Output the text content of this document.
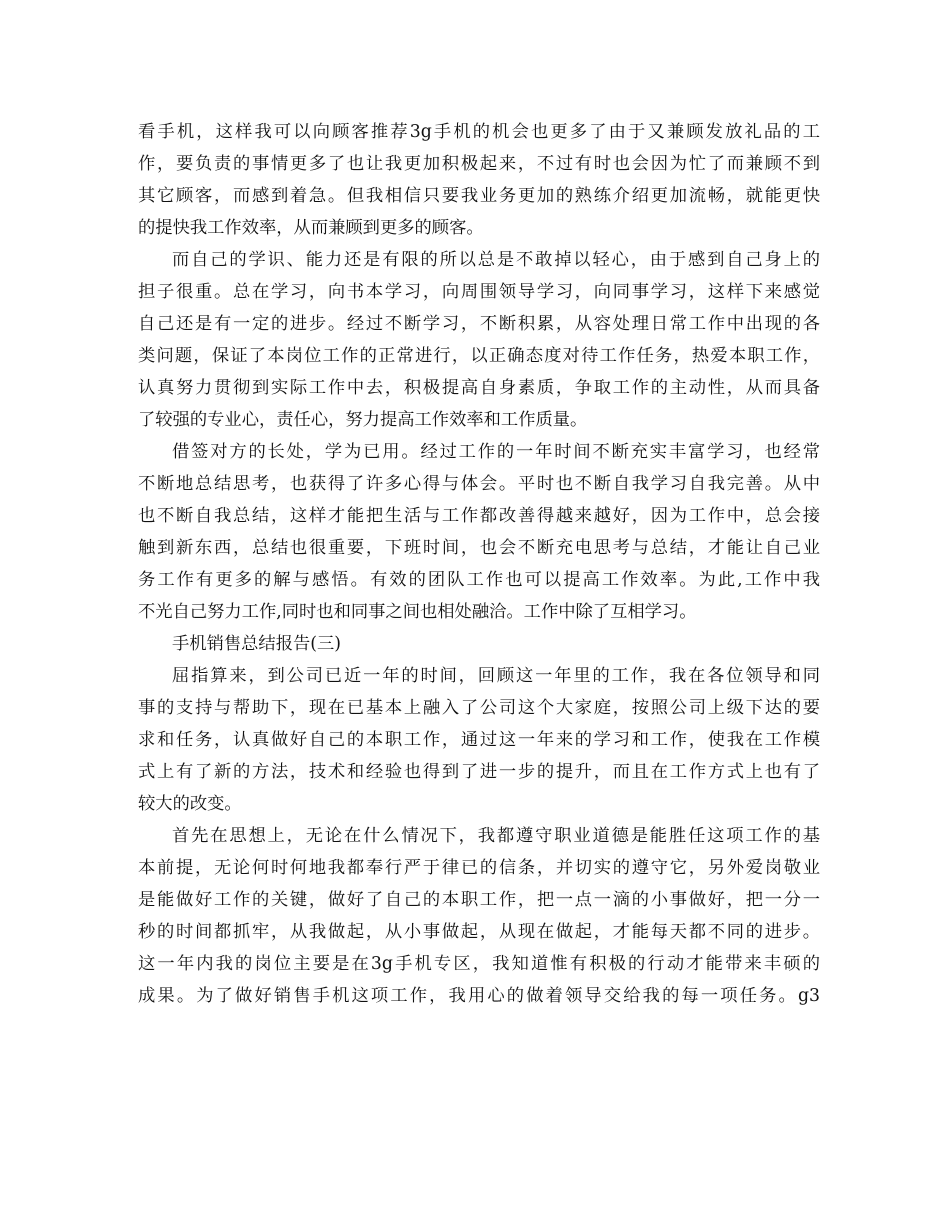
看手机，这样我可以向顾客推荐3g手机的机会也更多了由于又兼顾发放礼品的工
作，要负责的事情更多了也让我更加积极起来，不过有时也会因为忙了而兼顾不到
其它顾客，而感到着急。但我相信只要我业务更加的熟练介绍更加流畅，就能更快
的提快我工作效率，从而兼顾到更多的顾客。
而自己的学识、能力还是有限的所以总是不敢掉以轻心，由于感到自己身上的
担子很重。总在学习，向书本学习，向周围领导学习，向同事学习，这样下来感觉
自己还是有一定的进步。经过不断学习，不断积累，从容处理日常工作中出现的各
类问题，保证了本岗位工作的正常进行，以正确态度对待工作任务，热爱本职工作，
认真努力贯彻到实际工作中去，积极提高自身素质，争取工作的主动性，从而具备
了较强的专业心，责任心，努力提高工作效率和工作质量。
借签对方的长处，学为已用。经过工作的一年时间不断充实丰富学习，也经常
不断地总结思考，也获得了许多心得与体会。平时也不断自我学习自我完善。从中
也不断自我总结，这样才能把生活与工作都改善得越来越好，因为工作中，总会接
触到新东西，总结也很重要，下班时间，也会不断充电思考与总结，才能让自己业
务工作有更多的解与感悟。有效的团队工作也可以提高工作效率。为此,工作中我
不光自己努力工作,同时也和同事之间也相处融洽。工作中除了互相学习。
手机销售总结报告(三)
屈指算来，到公司已近一年的时间，回顾这一年里的工作，我在各位领导和同
事的支持与帮助下，现在已基本上融入了公司这个大家庭，按照公司上级下达的要
求和任务，认真做好自己的本职工作，通过这一年来的学习和工作，使我在工作模
式上有了新的方法，技术和经验也得到了进一步的提升，而且在工作方式上也有了
较大的改变。
首先在思想上，无论在什么情况下，我都遵守职业道德是能胜任这项工作的基
本前提，无论何时何地我都奉行严于律已的信条，并切实的遵守它，另外爱岗敬业
是能做好工作的关键，做好了自己的本职工作，把一点一滴的小事做好，把一分一
秒的时间都抓牢，从我做起，从小事做起，从现在做起，才能每天都不同的进步。
这一年内我的岗位主要是在3g手机专区，我知道惟有积极的行动才能带来丰硕的
成果。为了做好销售手机这项工作，我用心的做着领导交给我的每一项任务。g3
